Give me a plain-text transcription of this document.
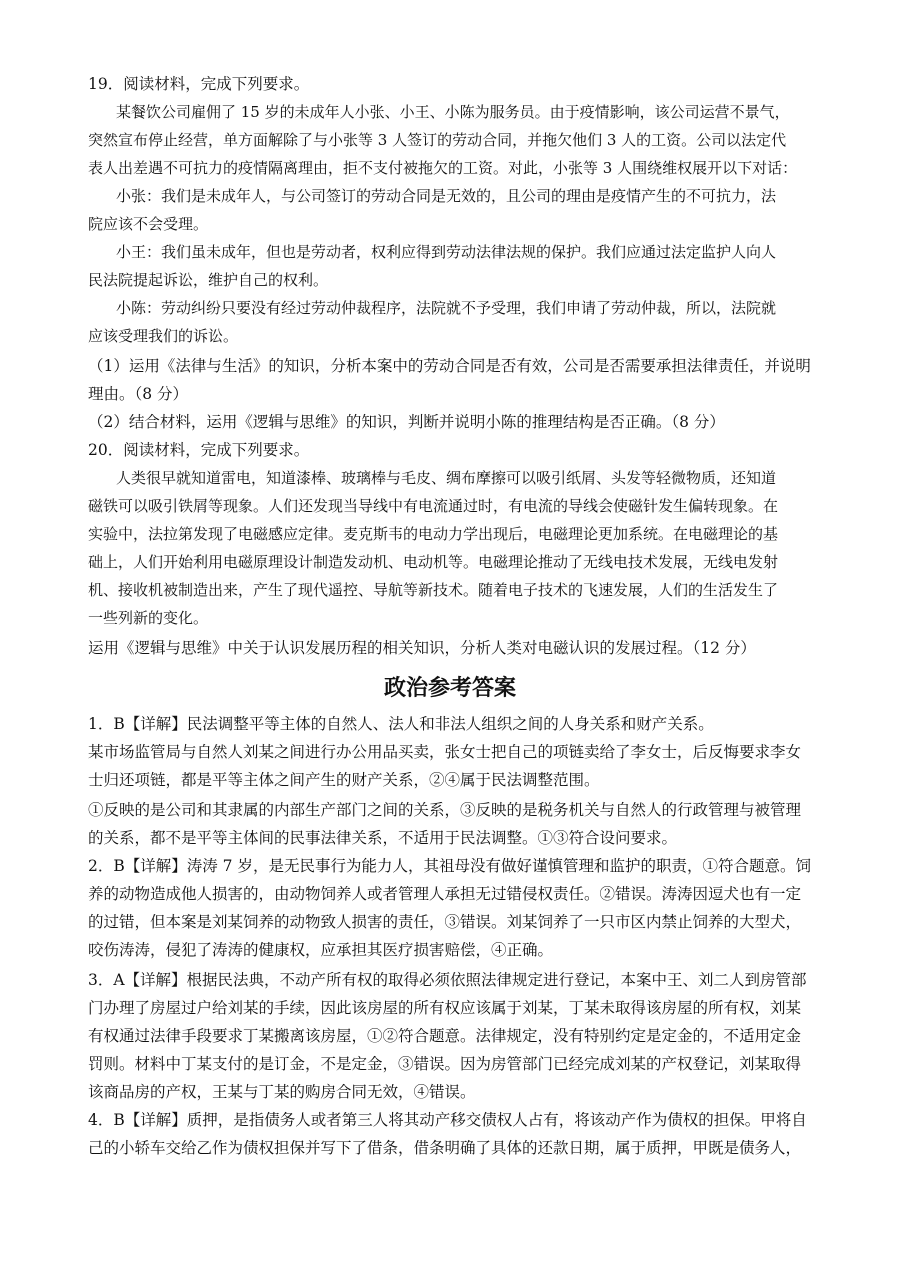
19．阅读材料，完成下列要求。
某餐饮公司雇佣了 15 岁的未成年人小张、小王、小陈为服务员。由于疫情影响，该公司运营不景气，
突然宣布停止经营，单方面解除了与小张等 3 人签订的劳动合同，并拖欠他们 3 人的工资。公司以法定代
表人出差遇不可抗力的疫情隔离理由，拒不支付被拖欠的工资。对此，小张等 3 人围绕维权展开以下对话：
小张：我们是未成年人，与公司签订的劳动合同是无效的，且公司的理由是疫情产生的不可抗力，法
院应该不会受理。
小王：我们虽未成年，但也是劳动者，权利应得到劳动法律法规的保护。我们应通过法定监护人向人
民法院提起诉讼，维护自己的权利。
小陈：劳动纠纷只要没有经过劳动仲裁程序，法院就不予受理，我们申请了劳动仲裁，所以，法院就
应该受理我们的诉讼。
（1）运用《法律与生活》的知识，分析本案中的劳动合同是否有效，公司是否需要承担法律责任，并说明
理由。（8 分）
（2）结合材料，运用《逻辑与思维》的知识，判断并说明小陈的推理结构是否正确。（8 分）
20．阅读材料，完成下列要求。
人类很早就知道雷电，知道漆棒、玻璃棒与毛皮、绸布摩擦可以吸引纸屑、头发等轻微物质，还知道
磁铁可以吸引铁屑等现象。人们还发现当导线中有电流通过时，有电流的导线会使磁针发生偏转现象。在
实验中，法拉第发现了电磁感应定律。麦克斯韦的电动力学出现后，电磁理论更加系统。在电磁理论的基
础上，人们开始利用电磁原理设计制造发动机、电动机等。电磁理论推动了无线电技术发展，无线电发射
机、接收机被制造出来，产生了现代遥控、导航等新技术。随着电子技术的飞速发展，人们的生活发生了
一些列新的变化。
运用《逻辑与思维》中关于认识发展历程的相关知识，分析人类对电磁认识的发展过程。（12 分）
政治参考答案
1．B【详解】民法调整平等主体的自然人、法人和非法人组织之间的人身关系和财产关系。
某市场监管局与自然人刘某之间进行办公用品买卖，张女士把自己的项链卖给了李女士，后反悔要求李女
士归还项链，都是平等主体之间产生的财产关系，②④属于民法调整范围。
①反映的是公司和其隶属的内部生产部门之间的关系，③反映的是税务机关与自然人的行政管理与被管理
的关系，都不是平等主体间的民事法律关系，不适用于民法调整。①③符合设问要求。
2．B【详解】涛涛 7 岁，是无民事行为能力人，其祖母没有做好谨慎管理和监护的职责，①符合题意。饲
养的动物造成他人损害的，由动物饲养人或者管理人承担无过错侵权责任。②错误。涛涛因逗犬也有一定
的过错，但本案是刘某饲养的动物致人损害的责任，③错误。刘某饲养了一只市区内禁止饲养的大型犬，
咬伤涛涛，侵犯了涛涛的健康权，应承担其医疗损害赔偿，④正确。
3．A【详解】根据民法典，不动产所有权的取得必须依照法律规定进行登记，本案中王、刘二人到房管部
门办理了房屋过户给刘某的手续，因此该房屋的所有权应该属于刘某，丁某未取得该房屋的所有权，刘某
有权通过法律手段要求丁某搬离该房屋，①②符合题意。法律规定，没有特别约定是定金的，不适用定金
罚则。材料中丁某支付的是订金，不是定金，③错误。因为房管部门已经完成刘某的产权登记，刘某取得
该商品房的产权，王某与丁某的购房合同无效，④错误。
4．B【详解】质押，是指债务人或者第三人将其动产移交债权人占有，将该动产作为债权的担保。甲将自
己的小轿车交给乙作为债权担保并写下了借条，借条明确了具体的还款日期，属于质押，甲既是债务人，
